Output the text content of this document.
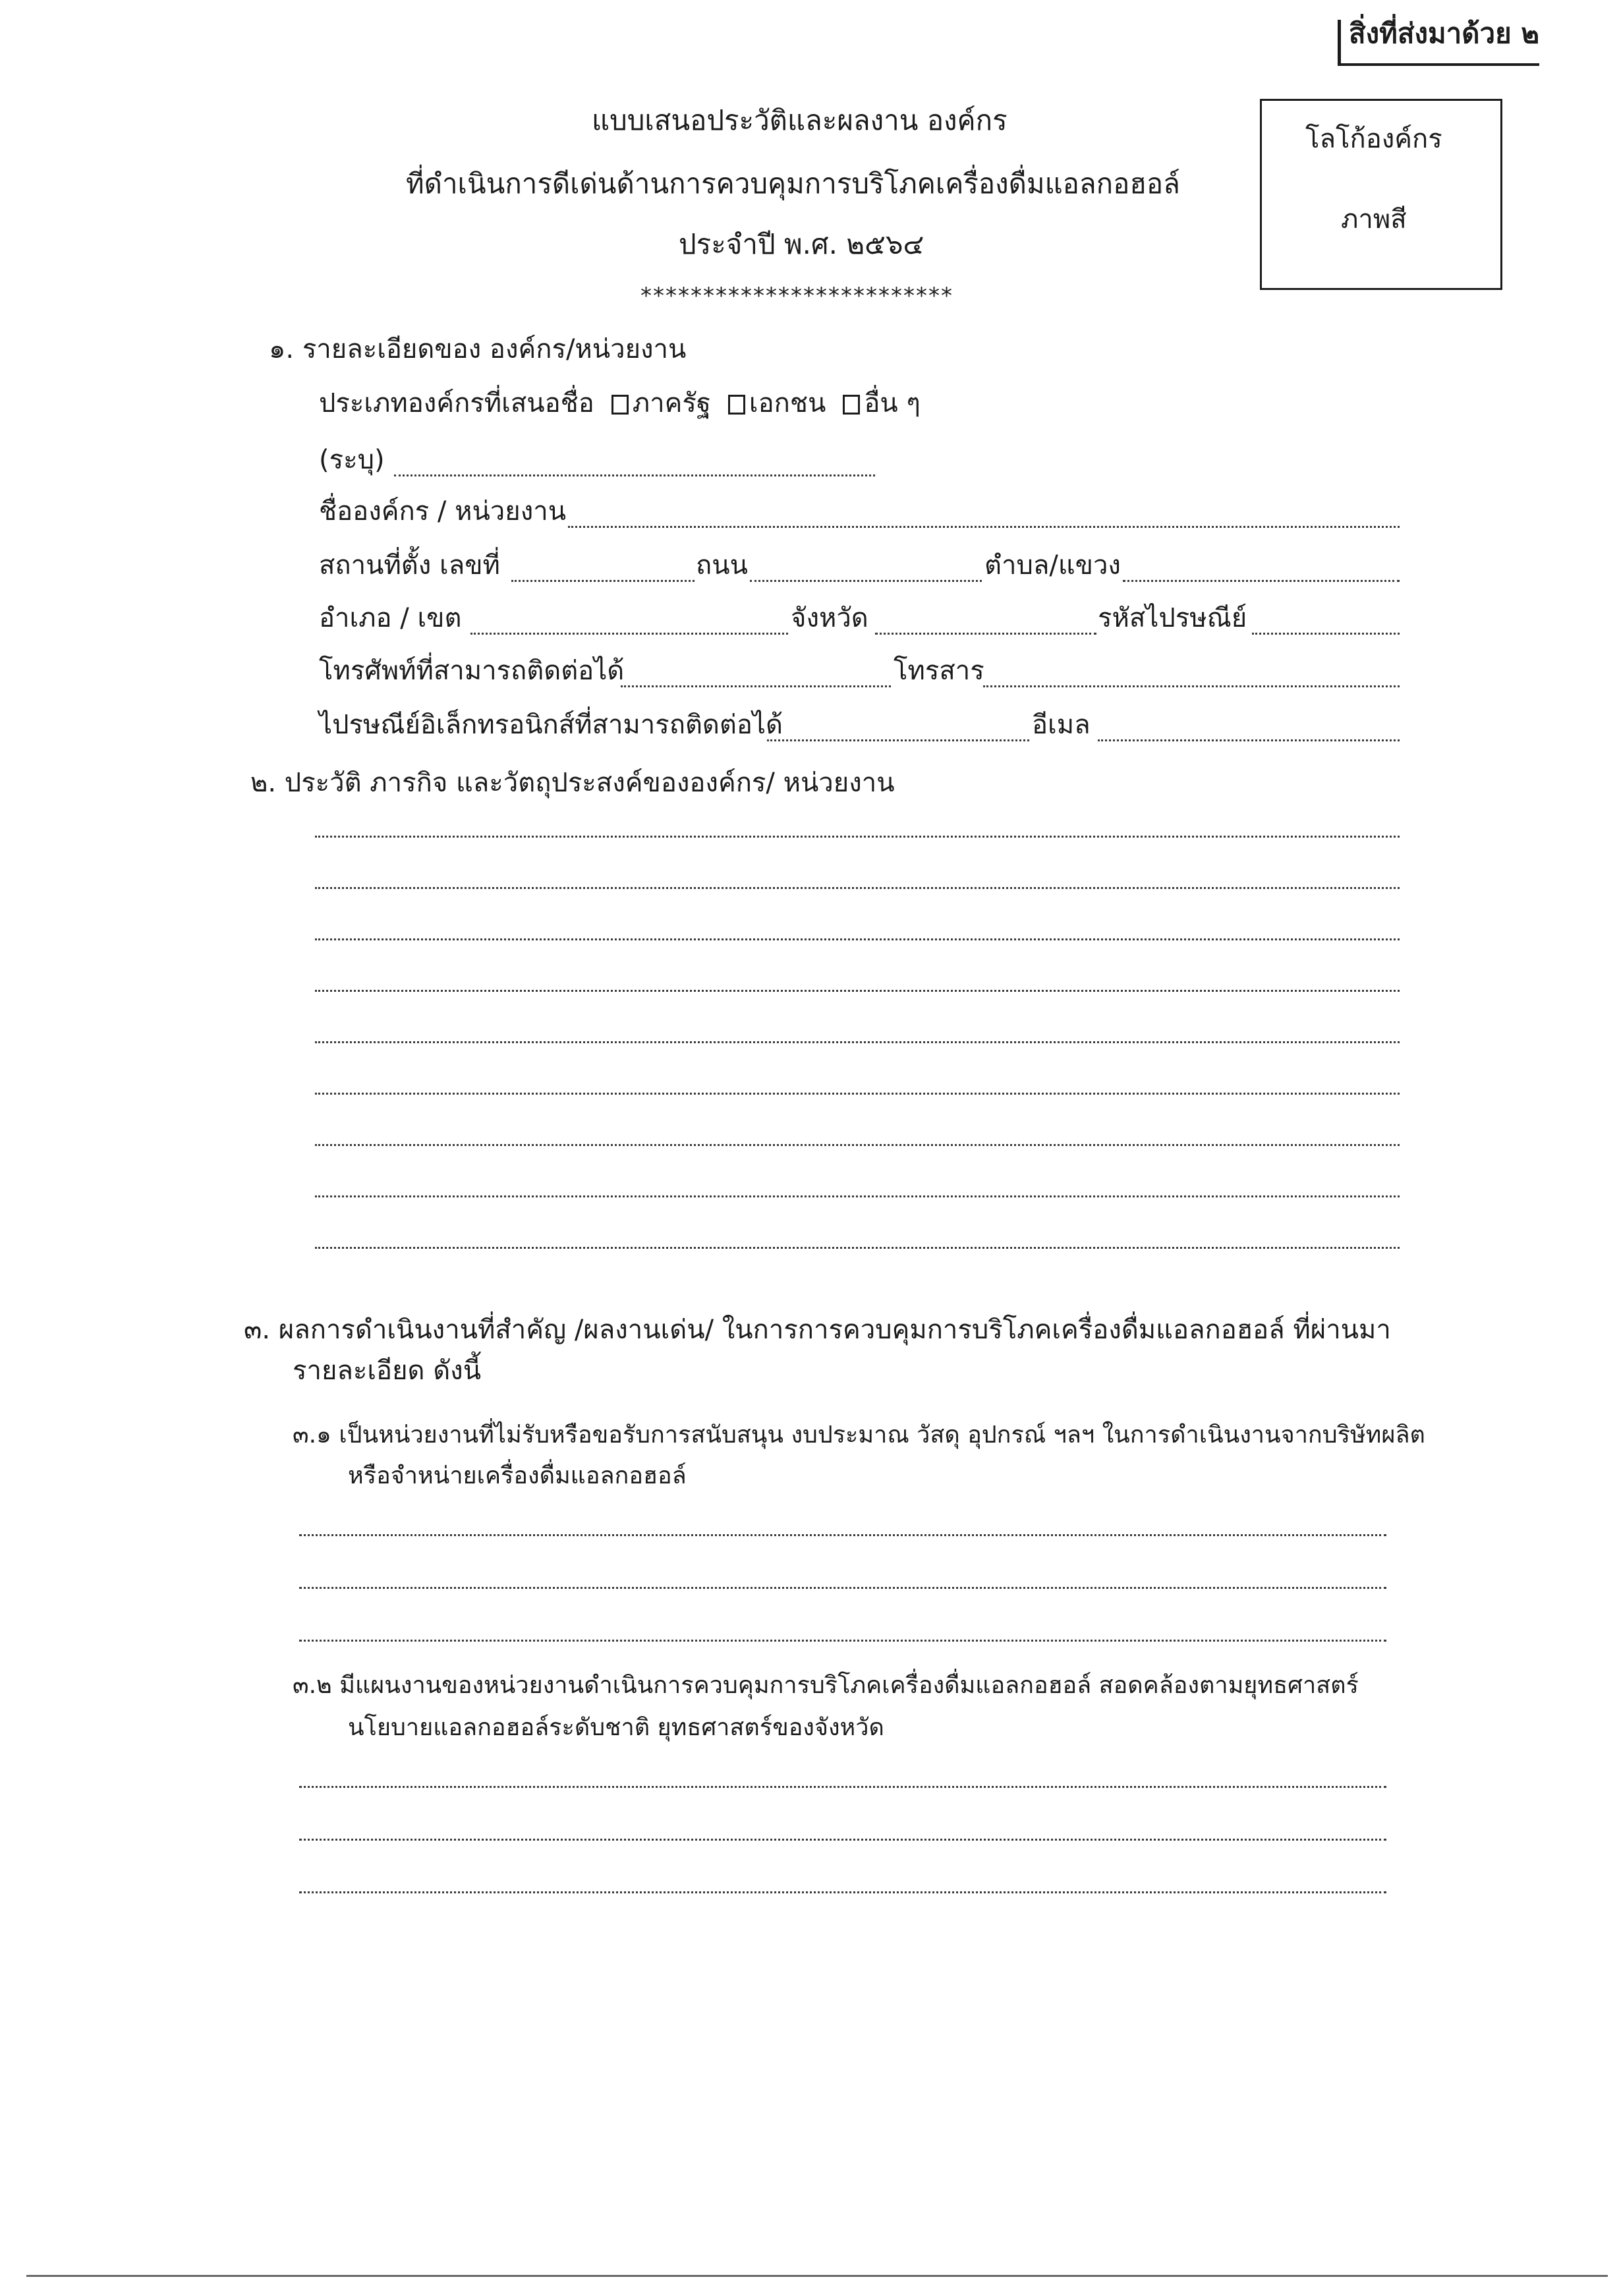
สิ่งที่ส่งมาด้วย ๒
โลโก้องค์กร
ภาพสี
แบบเสนอประวัติและผลงาน องค์กร
ที่ดำเนินการดีเด่นด้านการควบคุมการบริโภคเครื่องดื่มแอลกอฮอล์
ประจำปี พ.ศ. ๒๕๖๔
*************************
๑. รายละเอียดของ องค์กร/หน่วยงาน
ประเภทองค์กรที่เสนอชื่อ ภาครัฐ เอกชน อื่น ๆ
(ระบุ)
ชื่อองค์กร / หน่วยงาน
สถานที่ตั้ง เลขที่	ถนน	ตำบล/แขวง
อำเภอ / เขต	จังหวัด	รหัสไปรษณีย์
โทรศัพท์ที่สามารถติดต่อได้	โทรสาร
ไปรษณีย์อิเล็กทรอนิกส์ที่สามารถติดต่อได้	อีเมล
๒. ประวัติ ภารกิจ และวัตถุประสงค์ขององค์กร/ หน่วยงาน
๓. ผลการดำเนินงานที่สำคัญ /ผลงานเด่น/ ในการการควบคุมการบริโภคเครื่องดื่มแอลกอฮอล์ ที่ผ่านมา
รายละเอียด ดังนี้
๓.๑ เป็นหน่วยงานที่ไม่รับหรือขอรับการสนับสนุน งบประมาณ วัสดุ อุปกรณ์ ฯลฯ ในการดำเนินงานจากบริษัทผลิต
หรือจำหน่ายเครื่องดื่มแอลกอฮอล์
๓.๒ มีแผนงานของหน่วยงานดำเนินการควบคุมการบริโภคเครื่องดื่มแอลกอฮอล์ สอดคล้องตามยุทธศาสตร์
นโยบายแอลกอฮอล์ระดับชาติ ยุทธศาสตร์ของจังหวัด
